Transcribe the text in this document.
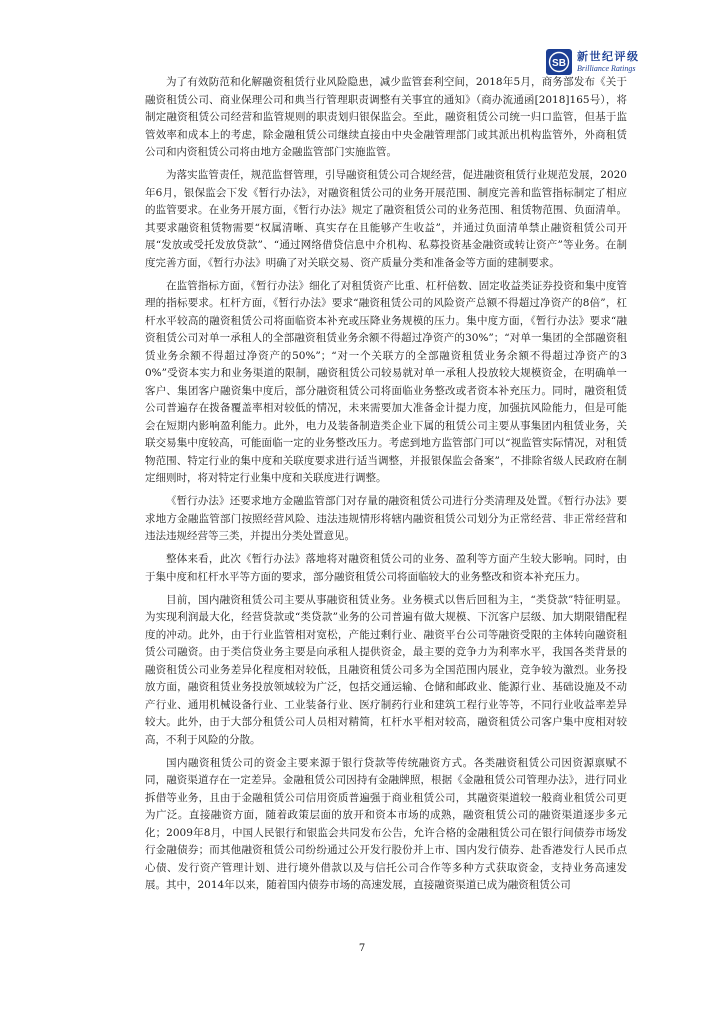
SB
新世纪评级
Brilliance Ratings

为了有效防范和化解融资租赁行业风险隐患，减少监管套利空间，2018年5月，商务部发布《关于融资租赁公司、商业保理公司和典当行管理职责调整有关事宜的通知》（商办流通函[2018]165号），将制定融资租赁公司经营和监管规则的职责划归银保监会。至此，融资租赁公司统一归口监管，但基于监管效率和成本上的考虑，除金融租赁公司继续直接由中央金融管理部门或其派出机构监管外，外商租赁公司和内资租赁公司将由地方金融监管部门实施监管。

为落实监管责任，规范监督管理，引导融资租赁公司合规经营，促进融资租赁行业规范发展，2020年6月，银保监会下发《暂行办法》，对融资租赁公司的业务开展范围、制度完善和监管指标制定了相应的监管要求。在业务开展方面，《暂行办法》规定了融资租赁公司的业务范围、租赁物范围、负面清单。其要求融资租赁物需要“权属清晰、真实存在且能够产生收益”，并通过负面清单禁止融资租赁公司开展“发放或受托发放贷款”、“通过网络借贷信息中介机构、私募投资基金融资或转让资产”等业务。在制度完善方面，《暂行办法》明确了对关联交易、资产质量分类和准备金等方面的建制要求。

在监管指标方面，《暂行办法》细化了对租赁资产比重、杠杆倍数、固定收益类证券投资和集中度管理的指标要求。杠杆方面，《暂行办法》要求“融资租赁公司的风险资产总额不得超过净资产的8倍”，杠杆水平较高的融资租赁公司将面临资本补充或压降业务规模的压力。集中度方面，《暂行办法》要求“融资租赁公司对单一承租人的全部融资租赁业务余额不得超过净资产的30%”；“对单一集团的全部融资租赁业务余额不得超过净资产的50%”；“对一个关联方的全部融资租赁业务余额不得超过净资产的30%”受资本实力和业务渠道的限制，融资租赁公司较易就对单一承租人投放较大规模资金，在明确单一客户、集团客户融资集中度后，部分融资租赁公司将面临业务整改或者资本补充压力。同时，融资租赁公司普遍存在拨备覆盖率相对较低的情况，未来需要加大准备金计提力度，加强抗风险能力，但是可能会在短期内影响盈利能力。此外，电力及装备制造类企业下属的租赁公司主要从事集团内租赁业务，关联交易集中度较高，可能面临一定的业务整改压力。考虑到地方监管部门可以“视监管实际情况，对租赁物范围、特定行业的集中度和关联度要求进行适当调整，并报银保监会备案”，不排除省级人民政府在制定细则时，将对特定行业集中度和关联度进行调整。

《暂行办法》还要求地方金融监管部门对存量的融资租赁公司进行分类清理及处置。《暂行办法》要求地方金融监管部门按照经营风险、违法违规情形将辖内融资租赁公司划分为正常经营、非正常经营和违法违规经营等三类，并提出分类处置意见。

整体来看，此次《暂行办法》落地将对融资租赁公司的业务、盈利等方面产生较大影响。同时，由于集中度和杠杆水平等方面的要求，部分融资租赁公司将面临较大的业务整改和资本补充压力。

目前，国内融资租赁公司主要从事融资租赁业务。业务模式以售后回租为主，“类贷款”特征明显。为实现利润最大化，经营贷款或“类贷款”业务的公司普遍有做大规模、下沉客户层级、加大期限错配程度的冲动。此外，由于行业监管相对宽松，产能过剩行业、融资平台公司等融资受限的主体转向融资租赁公司融资。由于类信贷业务主要是向承租人提供资金，最主要的竞争力为利率水平，我国各类背景的融资租赁公司业务差异化程度相对较低，且融资租赁公司多为全国范围内展业，竞争较为激烈。业务投放方面，融资租赁业务投放领域较为广泛，包括交通运输、仓储和邮政业、能源行业、基础设施及不动产行业、通用机械设备行业、工业装备行业、医疗制药行业和建筑工程行业等等，不同行业收益率差异较大。此外，由于大部分租赁公司人员相对精简，杠杆水平相对较高，融资租赁公司客户集中度相对较高，不利于风险的分散。

国内融资租赁公司的资金主要来源于银行贷款等传统融资方式。各类融资租赁公司因资源禀赋不同，融资渠道存在一定差异。金融租赁公司因持有金融牌照，根据《金融租赁公司管理办法》，进行同业拆借等业务，且由于金融租赁公司信用资质普遍强于商业租赁公司，其融资渠道较一般商业租赁公司更为广泛。直接融资方面，随着政策层面的放开和资本市场的成熟，融资租赁公司的融资渠道逐步多元化；2009年8月，中国人民银行和银监会共同发布公告，允许合格的金融租赁公司在银行间债券市场发行金融债券；而其他融资租赁公司纷纷通过公开发行股份并上市、国内发行债券、赴香港发行人民币点心债、发行资产管理计划、进行境外借款以及与信托公司合作等多种方式获取资金，支持业务高速发展。其中，2014年以来，随着国内债券市场的高速发展，直接融资渠道已成为融资租赁公司

7
